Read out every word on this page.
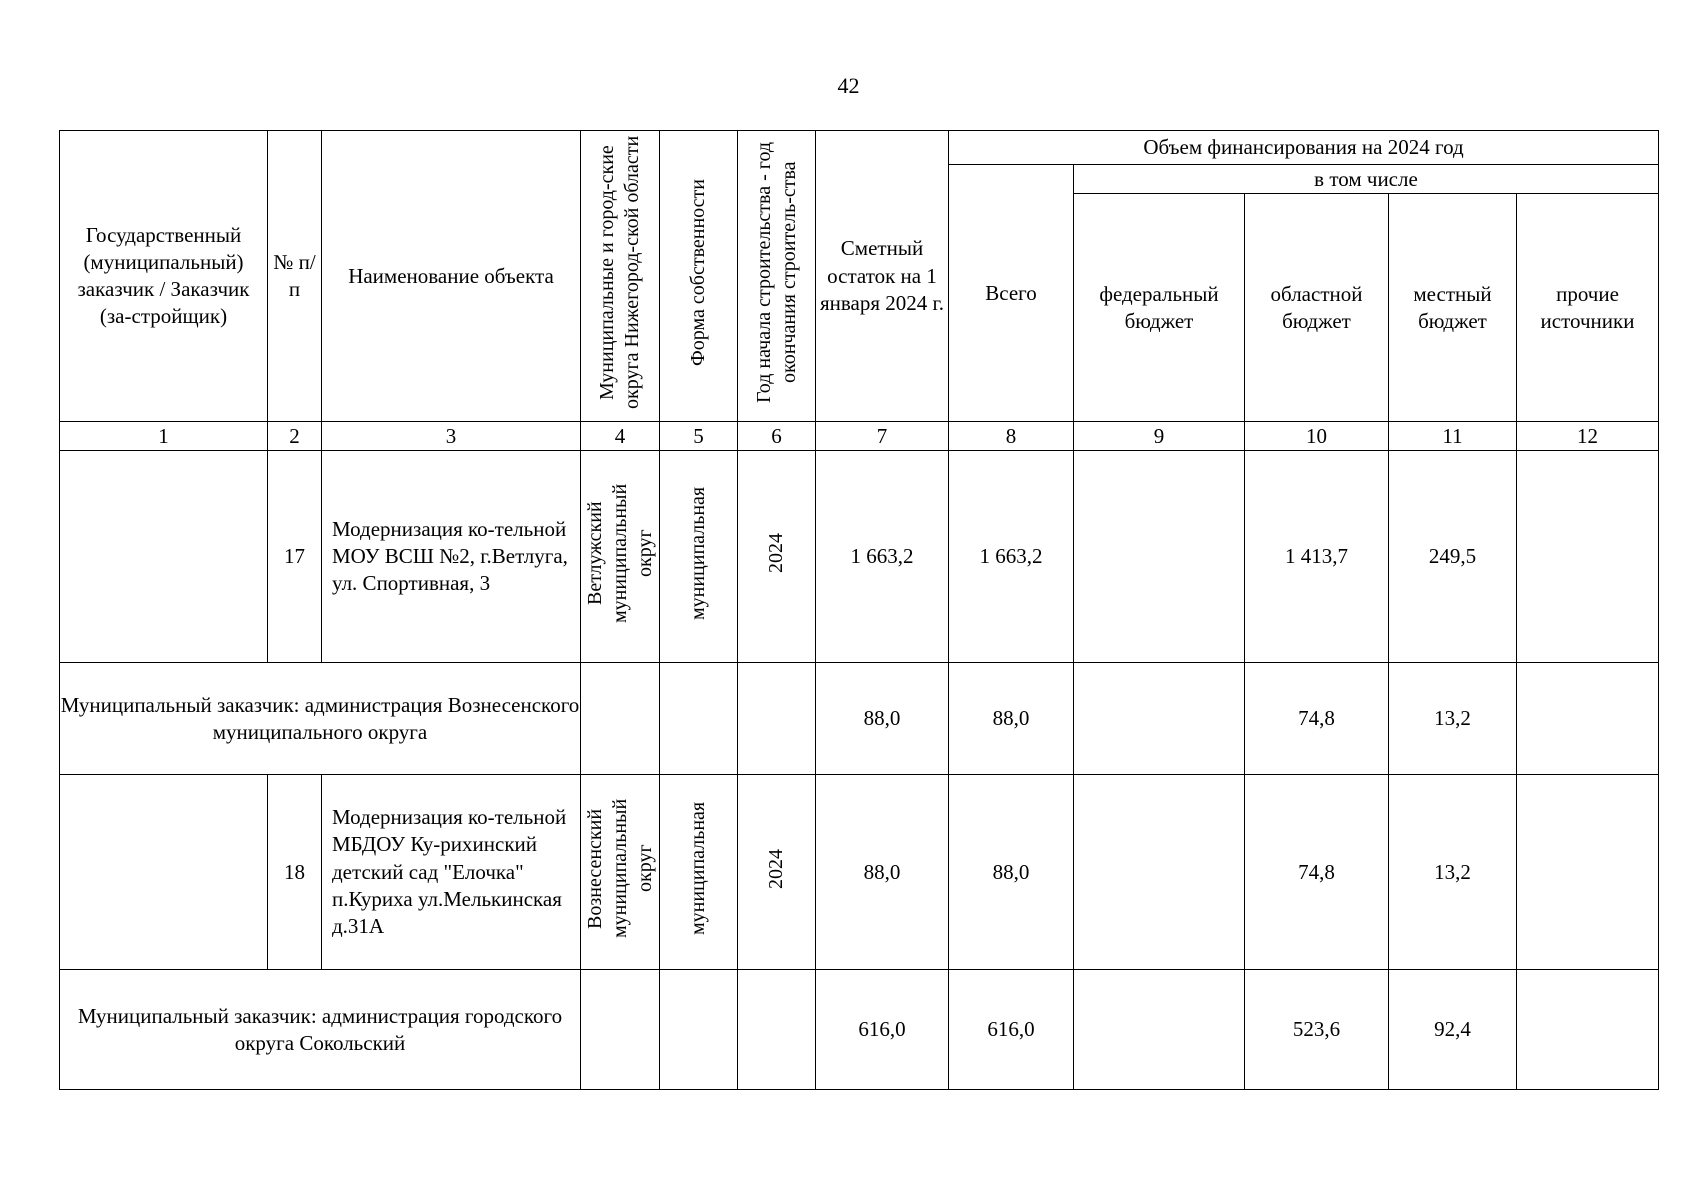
42
Государственный (муниципальный) заказчик / Заказчик (за-стройщик)	№ п/п	Наименование объекта	Муниципальные и город-ские округа Нижегород-ской области	Форма собственности	Год начала строительства - год окончания строитель-ства	Сметный остаток на 1 января 2024 г.	Объем финансирования на 2024 год				
							Всего	в том числе			
								федеральный бюджет	областной бюджет	местный бюджет	прочие источники
1	2	3	4	5	6	7	8	9	10	11	12
	17	Модернизация ко-тельной МОУ ВСШ №2, г.Ветлуга, ул. Спортивная, 3	Ветлужский муниципальный округ	муниципальная	2024	1 663,2	1 663,2		1 413,7	249,5	
Муниципальный заказчик: администрация Вознесенского муниципального округа						88,0	88,0		74,8	13,2	
	18	Модернизация ко-тельной МБДОУ Ку-рихинский детский сад "Елочка" п.Куриха ул.Мелькинская д.31А	Вознесенский муниципальный округ	муниципальная	2024	88,0	88,0		74,8	13,2	
Муниципальный заказчик: администрация городского округа Сокольский						616,0	616,0		523,6	92,4	
